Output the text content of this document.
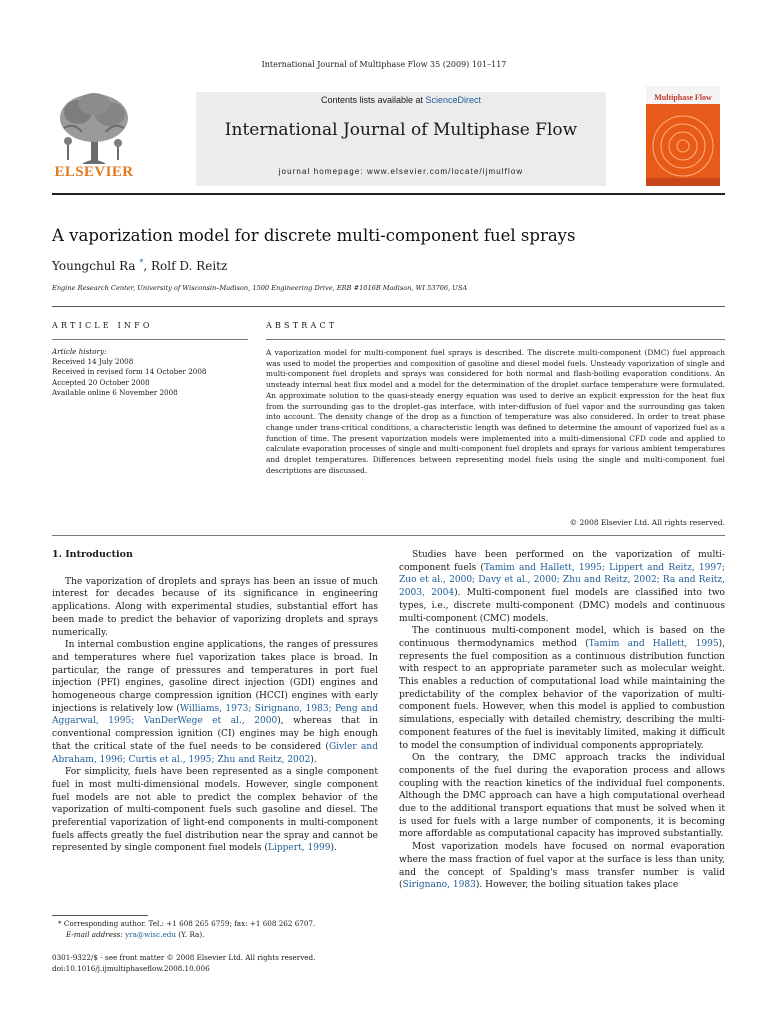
International Journal of Multiphase Flow 35 (2009) 101–117
Contents lists available at ScienceDirect
International Journal of Multiphase Flow
journal homepage: www.elsevier.com/locate/ijmulflow
ELSEVIER
Multiphase Flow
A vaporization model for discrete multi-component fuel sprays
Youngchul Ra *, Rolf D. Reitz
Engine Research Center, University of Wisconsin–Madison, 1500 Engineering Drive, ERB #1016B Madison, WI 53706, USA
ARTICLE INFO
Article history:
Received 14 July 2008
Received in revised form 14 October 2008
Accepted 20 October 2008
Available online 6 November 2008
ABSTRACT
A vaporization model for multi-component fuel sprays is described. The discrete multi-component (DMC) fuel approach was used to model the properties and composition of gasoline and diesel model fuels. Unsteady vaporization of single and multi-component fuel droplets and sprays was considered for both normal and flash-boiling evaporation conditions. An unsteady internal heat flux model and a model for the determination of the droplet surface temperature were formulated. An approximate solution to the quasi-steady energy equation was used to derive an explicit expression for the heat flux from the surrounding gas to the droplet–gas interface, with inter-diffusion of fuel vapor and the surrounding gas taken into account. The density change of the drop as a function of temperature was also considered. In order to treat phase change under trans-critical conditions, a characteristic length was defined to determine the amount of vaporized fuel as a function of time. The present vaporization models were implemented into a multi-dimensional CFD code and applied to calculate evaporation processes of single and multi-component fuel droplets and sprays for various ambient temperatures and droplet temperatures. Differences between representing model fuels using the single and multi-component fuel descriptions are discussed.
© 2008 Elsevier Ltd. All rights reserved.
1. Introduction

The vaporization of droplets and sprays has been an issue of much interest for decades because of its significance in engineering applications. Along with experimental studies, substantial effort has been made to predict the behavior of vaporizing droplets and sprays numerically.

In internal combustion engine applications, the ranges of pressures and temperatures where fuel vaporization takes place is broad. In particular, the range of pressures and temperatures in port fuel injection (PFI) engines, gasoline direct injection (GDI) engines and homogeneous charge compression ignition (HCCI) engines with early injections is relatively low (Williams, 1973; Sirignano, 1983; Peng and Aggarwal, 1995; VanDerWege et al., 2000), whereas that in conventional compression ignition (CI) engines may be high enough that the critical state of the fuel needs to be considered (Givler and Abraham, 1996; Curtis et al., 1995; Zhu and Reitz, 2002).

For simplicity, fuels have been represented as a single component fuel in most multi-dimensional models. However, single component fuel models are not able to predict the complex behavior of the vaporization of multi-component fuels such gasoline and diesel. The preferential vaporization of light-end components in multi-component fuels affects greatly the fuel distribution near the spray and cannot be represented by single component fuel models (Lippert, 1999).

Studies have been performed on the vaporization of multi-component fuels (Tamim and Hallett, 1995; Lippert and Reitz, 1997; Zuo et al., 2000; Davy et al., 2000; Zhu and Reitz, 2002; Ra and Reitz, 2003, 2004). Multi-component fuel models are classified into two types, i.e., discrete multi-component (DMC) models and continuous multi-component (CMC) models.

The continuous multi-component model, which is based on the continuous thermodynamics method (Tamim and Hallett, 1995), represents the fuel composition as a continuous distribution function with respect to an appropriate parameter such as molecular weight. This enables a reduction of computational load while maintaining the predictability of the complex behavior of the vaporization of multi-component fuels. However, when this model is applied to combustion simulations, especially with detailed chemistry, describing the multi-component features of the fuel is inevitably limited, making it difficult to model the consumption of individual components appropriately.

On the contrary, the DMC approach tracks the individual components of the fuel during the evaporation process and allows coupling with the reaction kinetics of the individual fuel components. Although the DMC approach can have a high computational overhead due to the additional transport equations that must be solved when it is used for fuels with a large number of components, it is becoming more affordable as computational capacity has improved substantially.

Most vaporization models have focused on normal evaporation where the mass fraction of fuel vapor at the surface is less than unity, and the concept of Spalding's mass transfer number is valid (Sirignano, 1983). However, the boiling situation takes place

* Corresponding author. Tel.: +1 608 265 6759; fax: +1 608 262 6707.
E-mail address: yra@wisc.edu (Y. Ra).
0301-9322/$ - see front matter © 2008 Elsevier Ltd. All rights reserved.
doi:10.1016/j.ijmultiphaseflow.2008.10.006
